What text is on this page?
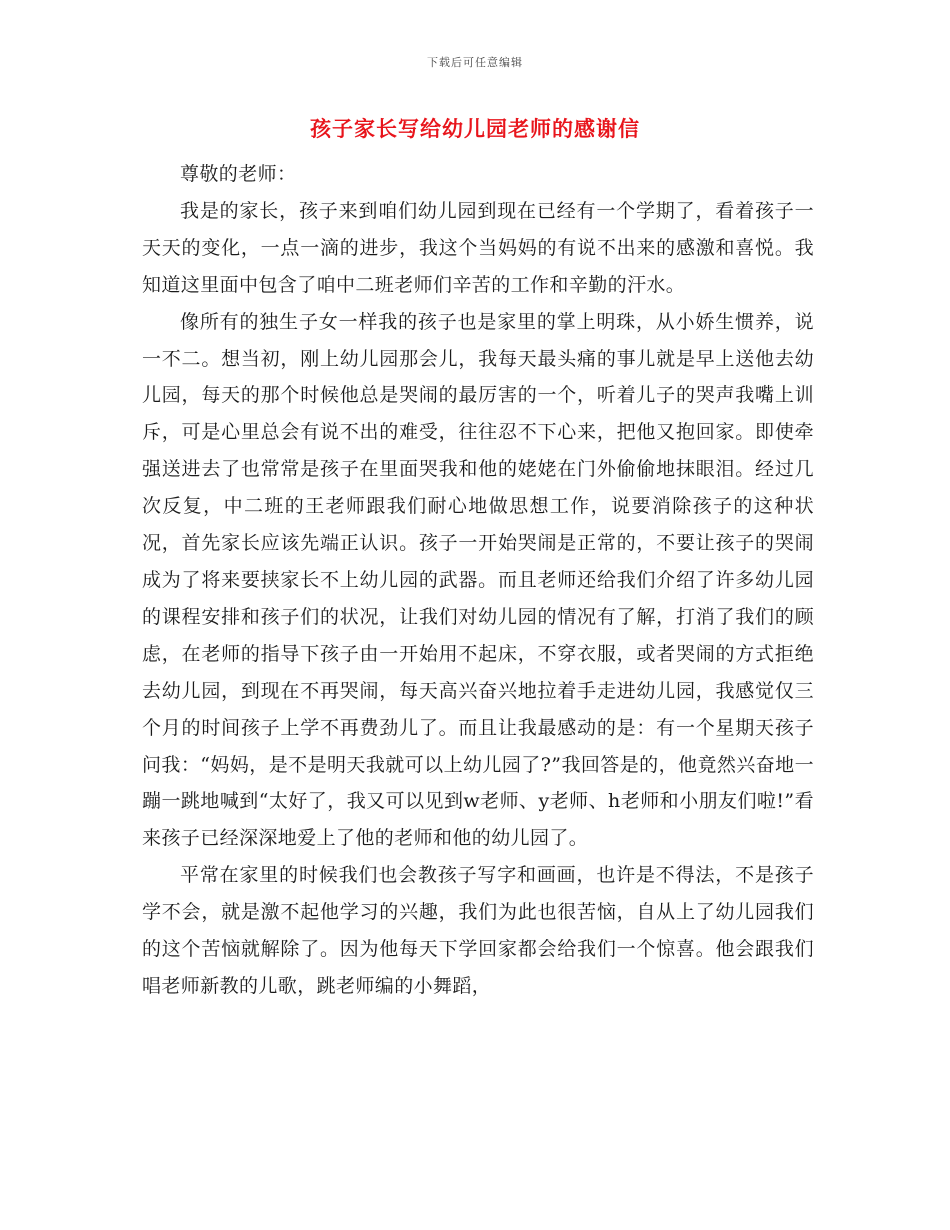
下载后可任意编辑
孩子家长写给幼儿园老师的感谢信

尊敬的老师：

我是的家长，孩子来到咱们幼儿园到现在已经有一个学期了，看着孩子一天天的变化，一点一滴的进步，我这个当妈妈的有说不出来的感激和喜悦。我知道这里面中包含了咱中二班老师们辛苦的工作和辛勤的汗水。

像所有的独生子女一样我的孩子也是家里的掌上明珠，从小娇生惯养，说一不二。想当初，刚上幼儿园那会儿，我每天最头痛的事儿就是早上送他去幼儿园，每天的那个时候他总是哭闹的最厉害的一个，听着儿子的哭声我嘴上训斥，可是心里总会有说不出的难受，往往忍不下心来，把他又抱回家。即使牵强送进去了也常常是孩子在里面哭我和他的姥姥在门外偷偷地抹眼泪。经过几次反复，中二班的王老师跟我们耐心地做思想工作，说要消除孩子的这种状况，首先家长应该先端正认识。孩子一开始哭闹是正常的，不要让孩子的哭闹成为了将来要挟家长不上幼儿园的武器。而且老师还给我们介绍了许多幼儿园的课程安排和孩子们的状况，让我们对幼儿园的情况有了解，打消了我们的顾虑，在老师的指导下孩子由一开始用不起床，不穿衣服，或者哭闹的方式拒绝去幼儿园，到现在不再哭闹，每天高兴奋兴地拉着手走进幼儿园，我感觉仅三个月的时间孩子上学不再费劲儿了。而且让我最感动的是：有一个星期天孩子问我：“妈妈，是不是明天我就可以上幼儿园了?”我回答是的，他竟然兴奋地一蹦一跳地喊到“太好了，我又可以见到w老师、y老师、h老师和小朋友们啦!”看来孩子已经深深地爱上了他的老师和他的幼儿园了。

平常在家里的时候我们也会教孩子写字和画画，也许是不得法，不是孩子学不会，就是激不起他学习的兴趣，我们为此也很苦恼，自从上了幼儿园我们的这个苦恼就解除了。因为他每天下学回家都会给我们一个惊喜。他会跟我们唱老师新教的儿歌，跳老师编的小舞蹈，
